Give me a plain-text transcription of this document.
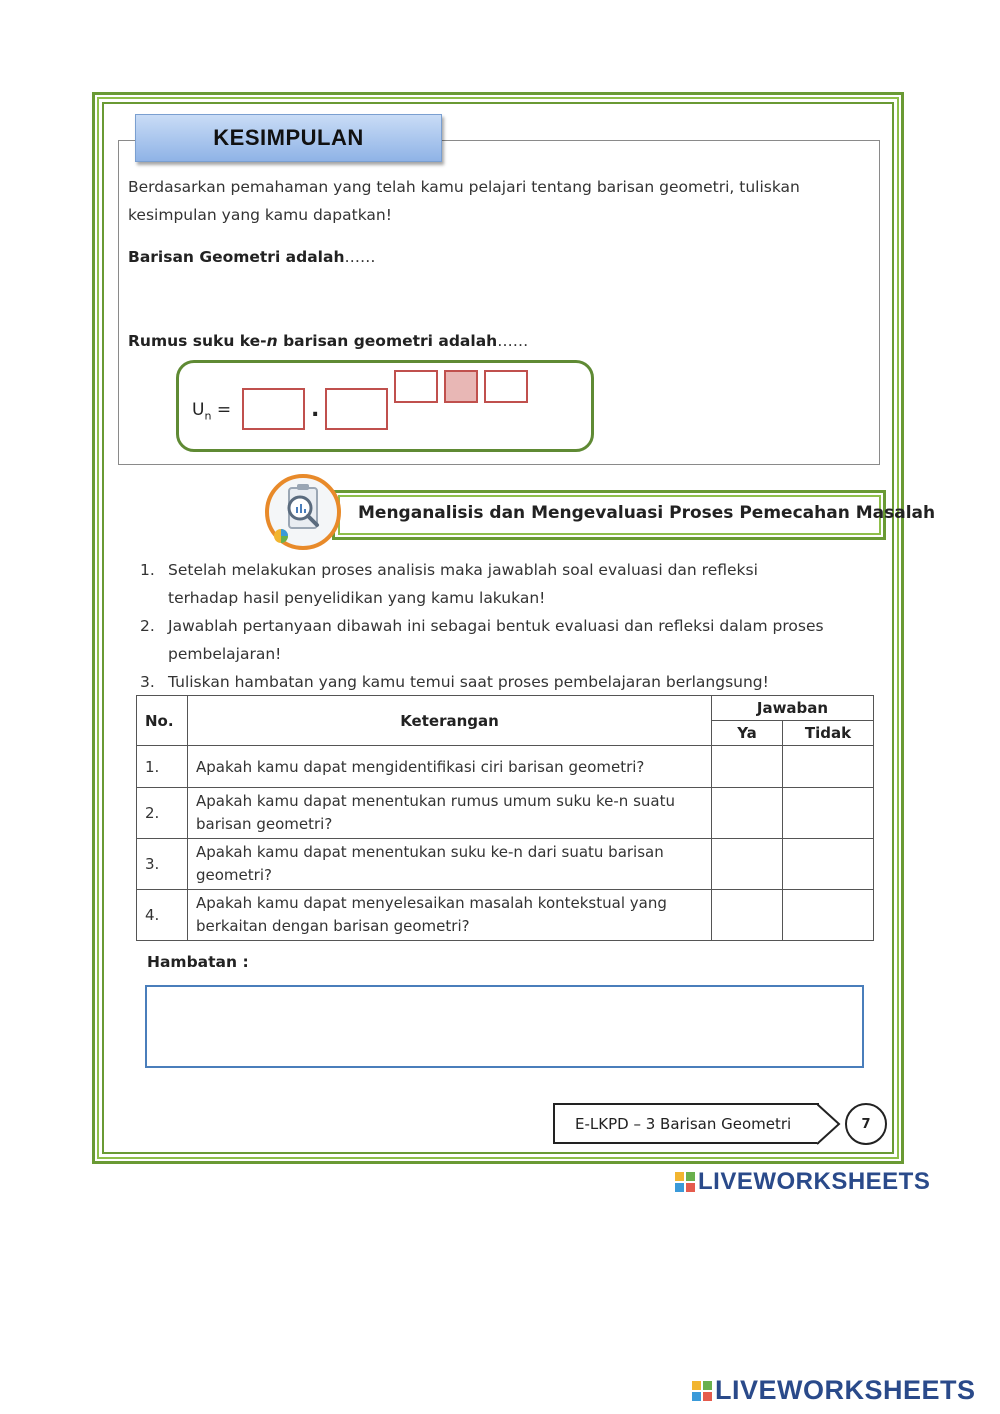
KESIMPULAN
Berdasarkan pemahaman yang telah kamu pelajari tentang barisan geometri, tuliskan
kesimpulan yang kamu dapatkan!
Barisan Geometri adalah……
Rumus suku ke-n barisan geometri adalah……
$U_n$ =	.
Menganalisis dan Mengevaluasi Proses Pemecahan Masalah
1. Setelah melakukan proses analisis maka jawablah soal evaluasi dan refleksi
terhadap hasil penyelidikan yang kamu lakukan!
2. Jawablah pertanyaan dibawah ini sebagai bentuk evaluasi dan refleksi dalam proses
pembelajaran!
3. Tuliskan hambatan yang kamu temui saat proses pembelajaran berlangsung!
No.	Keterangan	Jawaban	
		Ya	Tidak
1.	Apakah kamu dapat mengidentifikasi ciri barisan geometri?		

2.	Apakah kamu dapat menentukan rumus umum suku ke-n suatu
barisan geometri?		

3.	Apakah kamu dapat menentukan suku ke-n dari suatu barisan
geometri?		

4.	Apakah kamu dapat menyelesaikan masalah kontekstual yang
berkaitan dengan barisan geometri?		

Hambatan :
E-LKPD – 3 Barisan Geometri	7
LIVEWORKSHEETS
LIVEWORKSHEETS
